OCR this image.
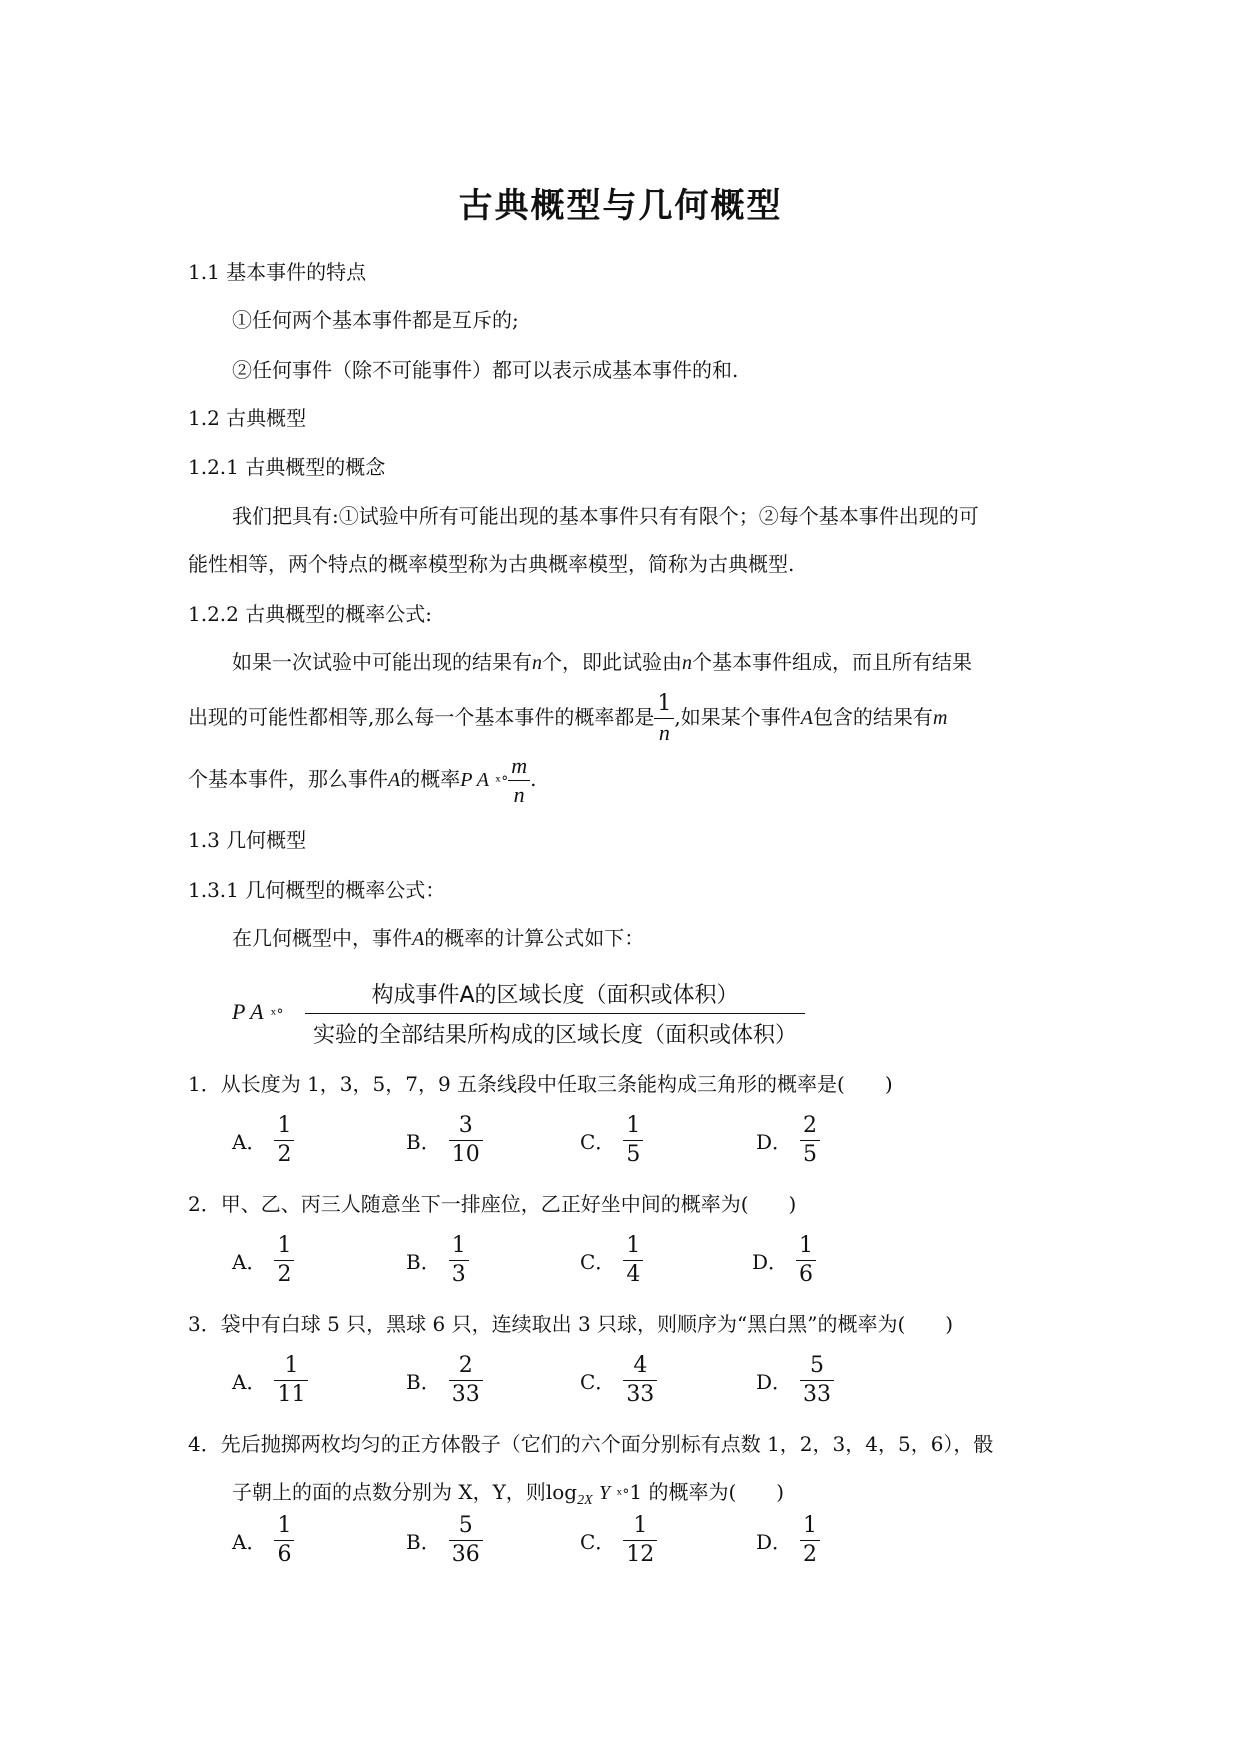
古典概型与几何概型
1.1 基本事件的特点
①任何两个基本事件都是互斥的;
②任何事件（除不可能事件）都可以表示成基本事件的和.
1.2 古典概型
1.2.1 古典概型的概念
我们把具有:①试验中所有可能出现的基本事件只有有限个；②每个基本事件出现的可
能性相等，两个特点的概率模型称为古典概率模型，简称为古典概型.
1.2.2 古典概型的概率公式:
如果一次试验中可能出现的结果有n个，即此试验由n个基本事件组成，而且所有结果
出现的可能性都相等,那么每一个基本事件的概率都是 $\frac{1}{n}$ ,如果某个事件A包含的结果有m
个基本事件，那么事件A的概率P A ˣ° $\frac{m}{n}$ .
1.3 几何概型
1.3.1 几何概型的概率公式：
在几何概型中，事件A的概率的计算公式如下：
P A ˣ°
构成事件A的区域长度（面积或体积）
实验的全部结果所构成的区域长度（面积或体积）
1．从长度为 1，3，5，7，9 五条线段中任取三条能构成三角形的概率是(　　)
A． $\frac{1}{2}$	B． $\frac{3}{10}$	C． $\frac{1}{5}$	D． $\frac{2}{5}$
2．甲、乙、丙三人随意坐下一排座位，乙正好坐中间的概率为(　　)
A． $\frac{1}{2}$	B． $\frac{1}{3}$	C． $\frac{1}{4}$	D． $\frac{1}{6}$
3．袋中有白球 5 只，黑球 6 只，连续取出 3 只球，则顺序为“黑白黑”的概率为(　　)
A． $\frac{1}{11}$	B． $\frac{2}{33}$	C． $\frac{4}{33}$	D． $\frac{5}{33}$
4．先后抛掷两枚均匀的正方体骰子（它们的六个面分别标有点数 1，2，3，4，5，6），骰
子朝上的面的点数分别为 X，Y，则$\log_{2X} Y$ ˣ°1 的概率为(　　)
A． $\frac{1}{6}$	B． $\frac{5}{36}$	C． $\frac{1}{12}$	D． $\frac{1}{2}$
